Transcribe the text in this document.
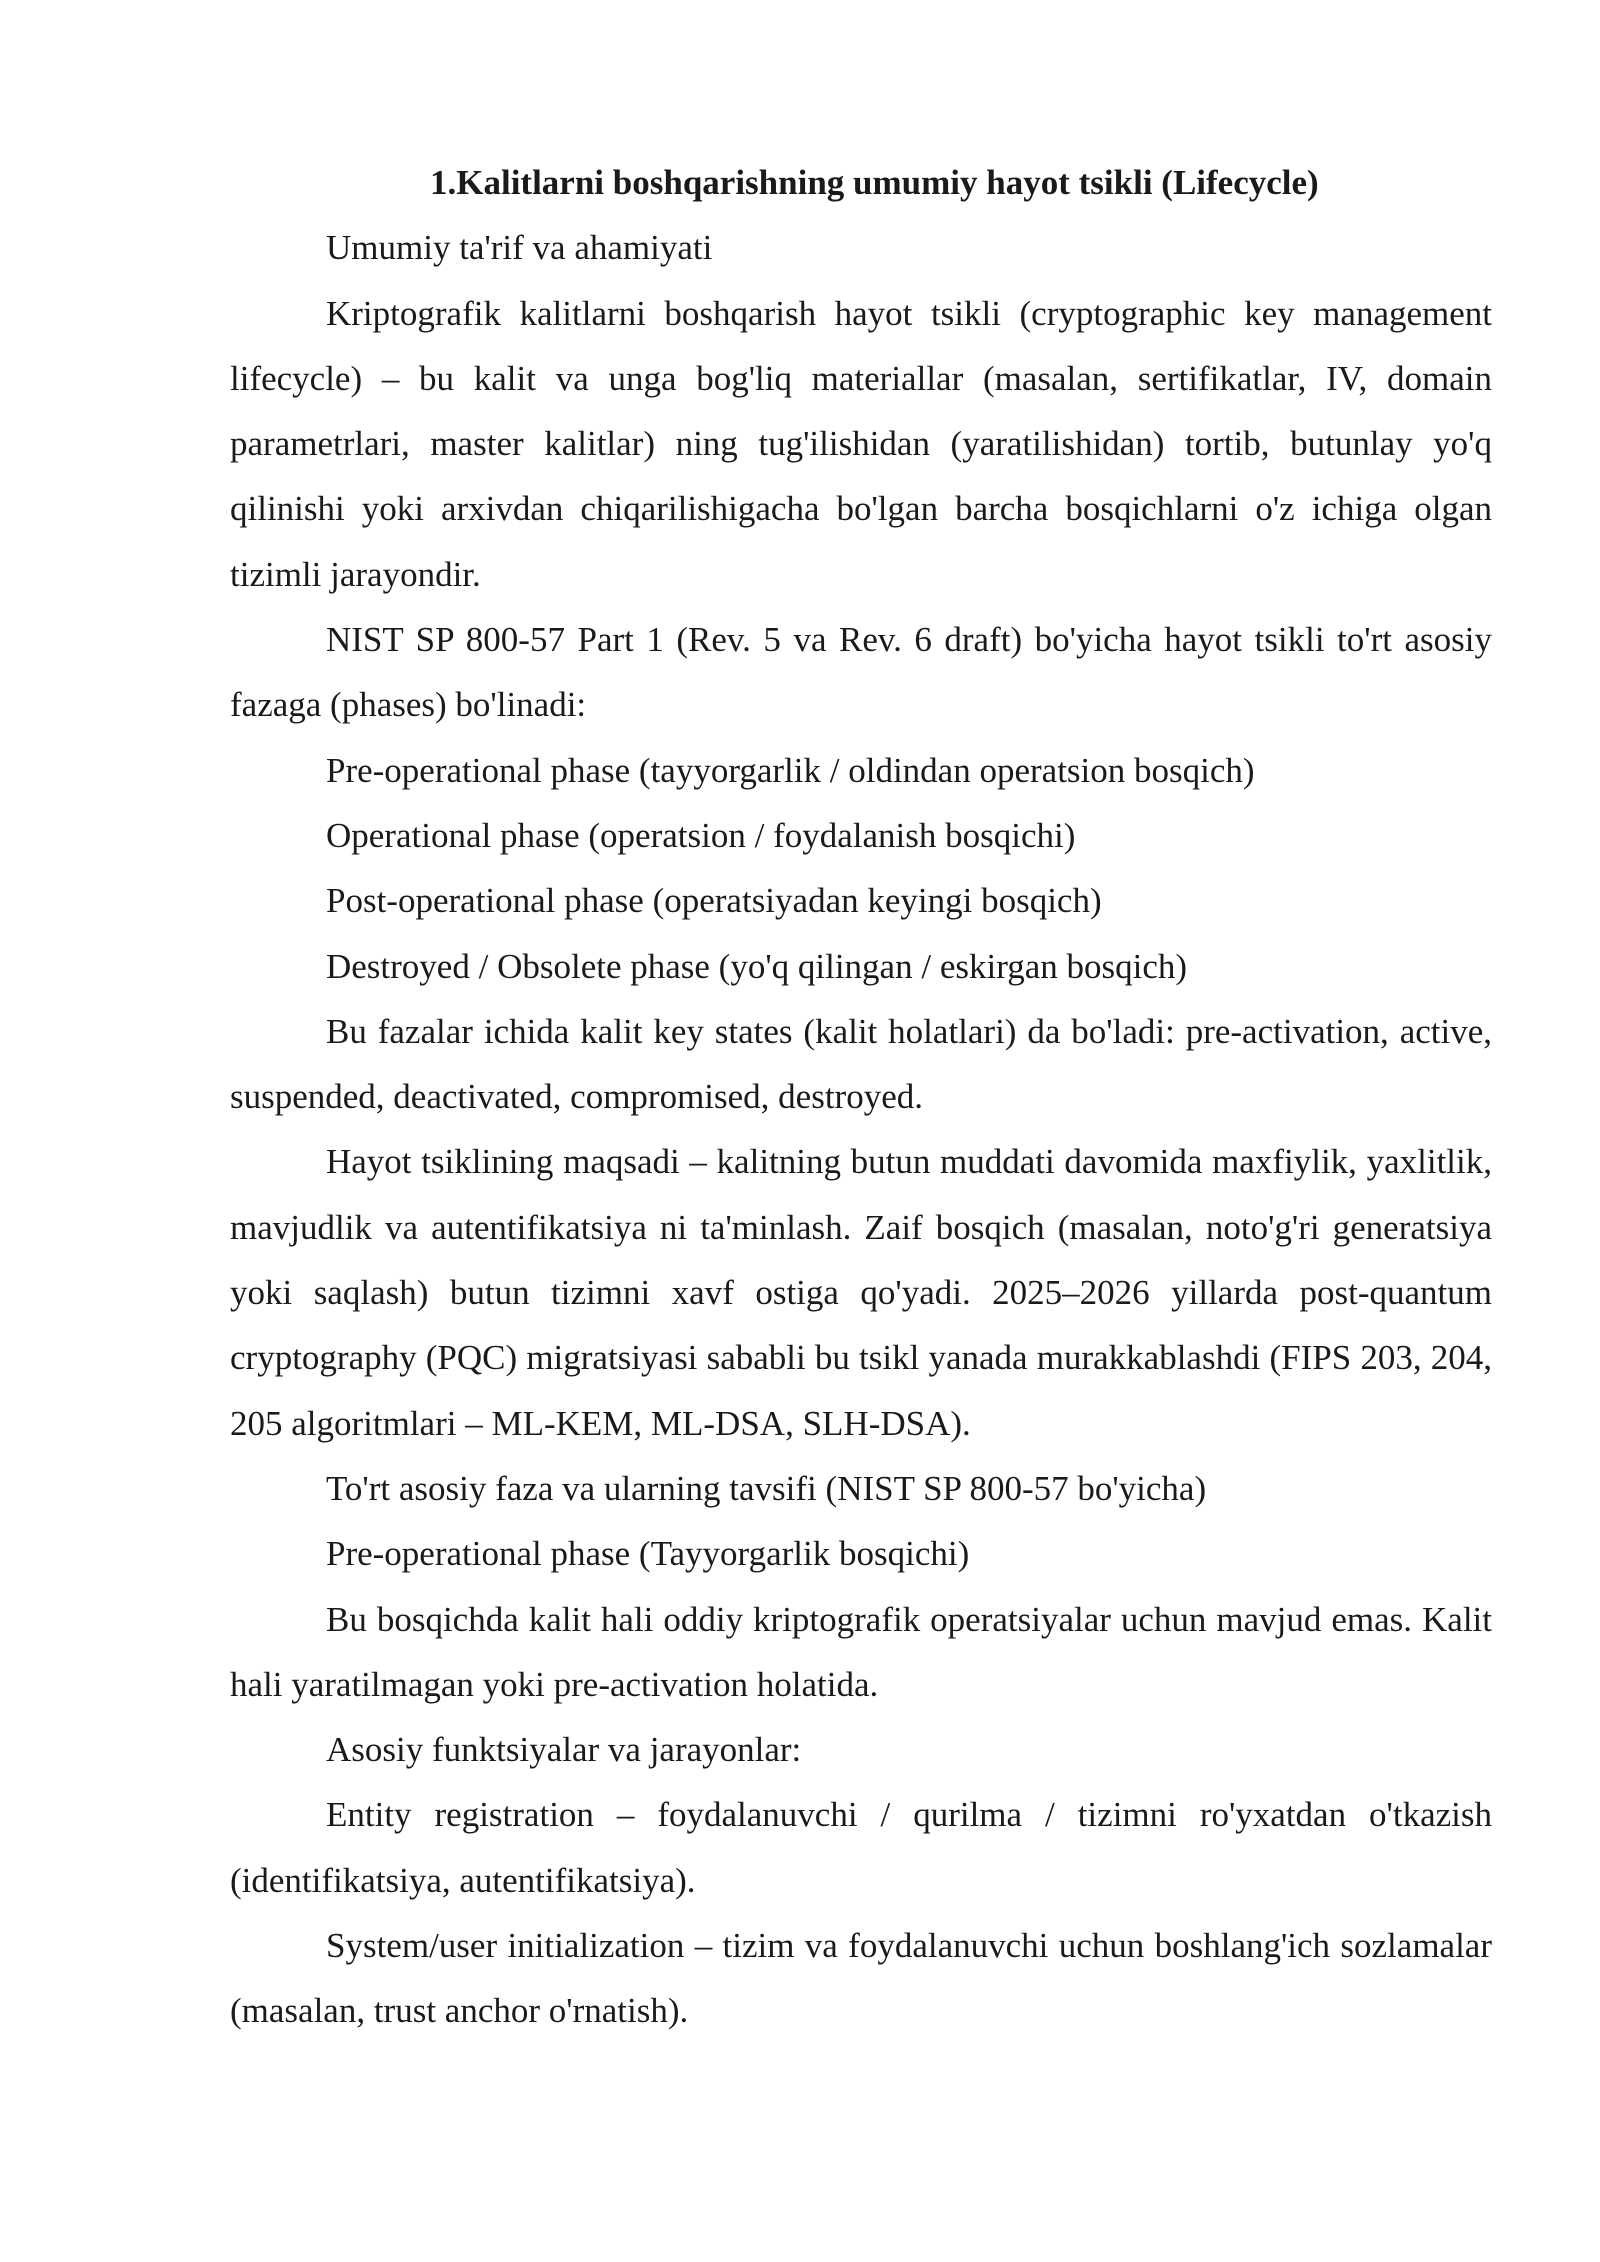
1.Kalitlarni boshqarishning umumiy hayot tsikli (Lifecycle)

Umumiy ta'rif va ahamiyati

Kriptografik kalitlarni boshqarish hayot tsikli (cryptographic key management lifecycle) – bu kalit va unga bog'liq materiallar (masalan, sertifikatlar, IV, domain parametrlari, master kalitlar) ning tug'ilishidan (yaratilishidan) tortib, butunlay yo'q qilinishi yoki arxivdan chiqarilishigacha bo'lgan barcha bosqichlarni o'z ichiga olgan tizimli jarayondir.

NIST SP 800-57 Part 1 (Rev. 5 va Rev. 6 draft) bo'yicha hayot tsikli to'rt asosiy fazaga (phases) bo'linadi:

Pre-operational phase (tayyorgarlik / oldindan operatsion bosqich)

Operational phase (operatsion / foydalanish bosqichi)

Post-operational phase (operatsiyadan keyingi bosqich)

Destroyed / Obsolete phase (yo'q qilingan / eskirgan bosqich)

Bu fazalar ichida kalit key states (kalit holatlari) da bo'ladi: pre-activation, active, suspended, deactivated, compromised, destroyed.

Hayot tsiklining maqsadi – kalitning butun muddati davomida maxfiylik, yaxlitlik, mavjudlik va autentifikatsiya ni ta'minlash. Zaif bosqich (masalan, noto'g'ri generatsiya yoki saqlash) butun tizimni xavf ostiga qo'yadi. 2025–2026 yillarda post-quantum cryptography (PQC) migratsiyasi sababli bu tsikl yanada murakkablashdi (FIPS 203, 204, 205 algoritmlari – ML-KEM, ML-DSA, SLH-DSA).

To'rt asosiy faza va ularning tavsifi (NIST SP 800-57 bo'yicha)

Pre-operational phase (Tayyorgarlik bosqichi)

Bu bosqichda kalit hali oddiy kriptografik operatsiyalar uchun mavjud emas. Kalit hali yaratilmagan yoki pre-activation holatida.

Asosiy funktsiyalar va jarayonlar:

Entity registration – foydalanuvchi / qurilma / tizimni ro'yxatdan o'tkazish (identifikatsiya, autentifikatsiya).

System/user initialization – tizim va foydalanuvchi uchun boshlang'ich sozlamalar (masalan, trust anchor o'rnatish).
